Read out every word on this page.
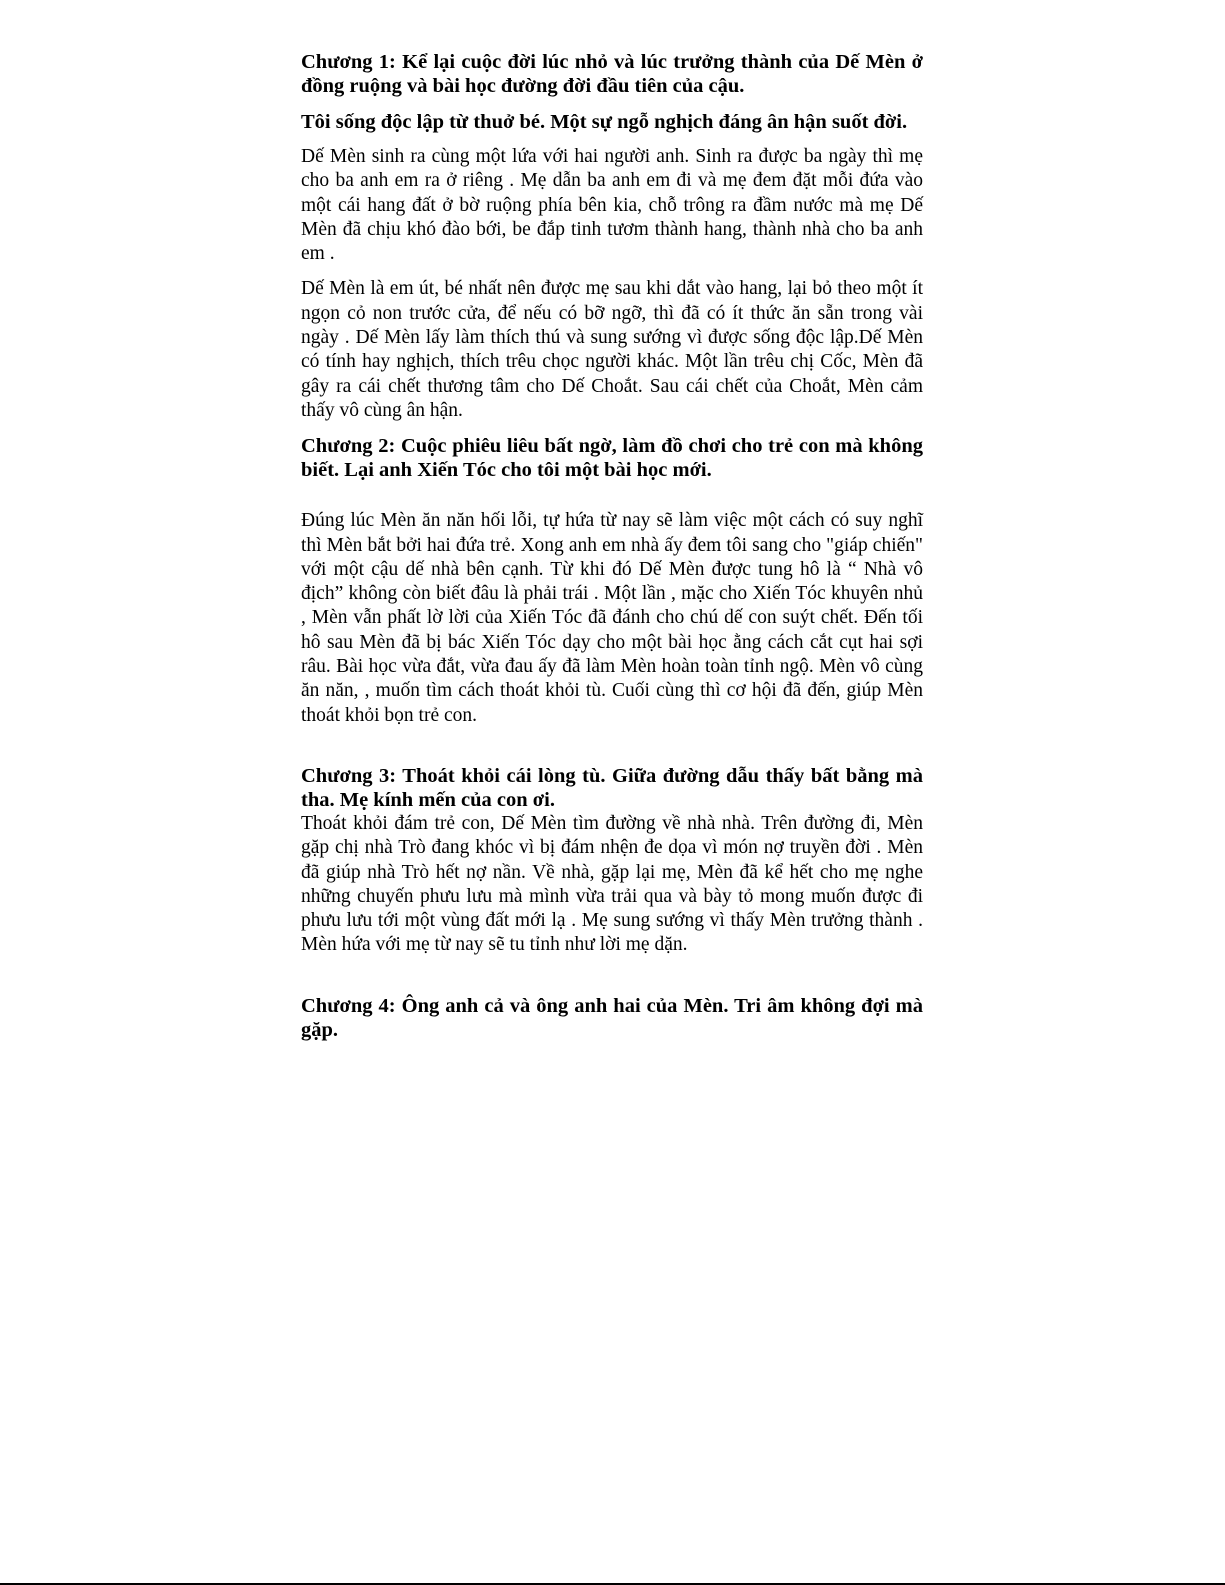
Chương 1: Kể lại cuộc đời lúc nhỏ và lúc trưởng thành của Dế Mèn ở đồng ruộng và bài học đường đời đầu tiên của cậu.

Tôi sống độc lập từ thuở bé. Một sự ngỗ nghịch đáng ân hận suốt đời.

Dế Mèn sinh ra cùng một lứa với hai người anh. Sinh ra được ba ngày thì mẹ cho ba anh em ra ở riêng . Mẹ dẫn ba anh em đi và mẹ đem đặt mỗi đứa vào một cái hang đất ở bờ ruộng phía bên kia, chỗ trông ra đầm nước mà mẹ Dế Mèn đã chịu khó đào bới, be đắp tinh tươm thành hang, thành nhà cho ba anh em .

Dế Mèn là em út, bé nhất nên được mẹ sau khi dắt vào hang, lại bỏ theo một ít ngọn cỏ non trước cửa, để nếu có bỡ ngỡ, thì đã có ít thức ăn sẵn trong vài ngày . Dế Mèn lấy làm thích thú và sung sướng vì được sống độc lập.Dế Mèn có tính hay nghịch, thích trêu chọc người khác. Một lần trêu chị Cốc, Mèn đã gây ra cái chết thương tâm cho Dế Choắt. Sau cái chết của Choắt, Mèn cảm thấy vô cùng ân hận.

Chương 2: Cuộc phiêu liêu bất ngờ, làm đồ chơi cho trẻ con mà không biết. Lại anh Xiến Tóc cho tôi một bài học mới.

Đúng lúc Mèn ăn năn hối lỗi, tự hứa từ nay sẽ làm việc một cách có suy nghĩ thì Mèn bắt bởi hai đứa trẻ. Xong anh em nhà ấy đem tôi sang cho "giáp chiến" với một cậu dế nhà bên cạnh. Từ khi đó Dế Mèn được tung hô là “ Nhà vô địch” không còn biết đâu là phải trái . Một lần , mặc cho Xiến Tóc khuyên nhủ , Mèn vẫn phất lờ lời của Xiến Tóc đã đánh cho chú dế con suýt chết. Đến tối hô sau Mèn đã bị bác Xiến Tóc dạy cho một bài học ằng cách cắt cụt hai sợi râu. Bài học vừa đắt, vừa đau ấy đã làm Mèn hoàn toàn tỉnh ngộ. Mèn vô cùng ăn năn, , muốn tìm cách thoát khỏi tù. Cuối cùng thì cơ hội đã đến, giúp Mèn thoát khỏi bọn trẻ con.

Chương 3: Thoát khỏi cái lòng tù. Giữa đường dẫu thấy bất bằng mà tha. Mẹ kính mến của con ơi.

Thoát khỏi đám trẻ con, Dế Mèn tìm đường về nhà nhà. Trên đường đi, Mèn gặp chị nhà Trò đang khóc vì bị đám nhện đe dọa vì món nợ truyền đời . Mèn đã giúp nhà Trò hết nợ nần. Về nhà, gặp lại mẹ, Mèn đã kể hết cho mẹ nghe những chuyến phưu lưu mà mình vừa trải qua và bày tỏ mong muốn được đi phưu lưu tới một vùng đất mới lạ . Mẹ sung sướng vì thấy Mèn trưởng thành . Mèn hứa với mẹ từ nay sẽ tu tỉnh như lời mẹ dặn.

Chương 4: Ông anh cả và ông anh hai của Mèn. Tri âm không đợi mà gặp.
